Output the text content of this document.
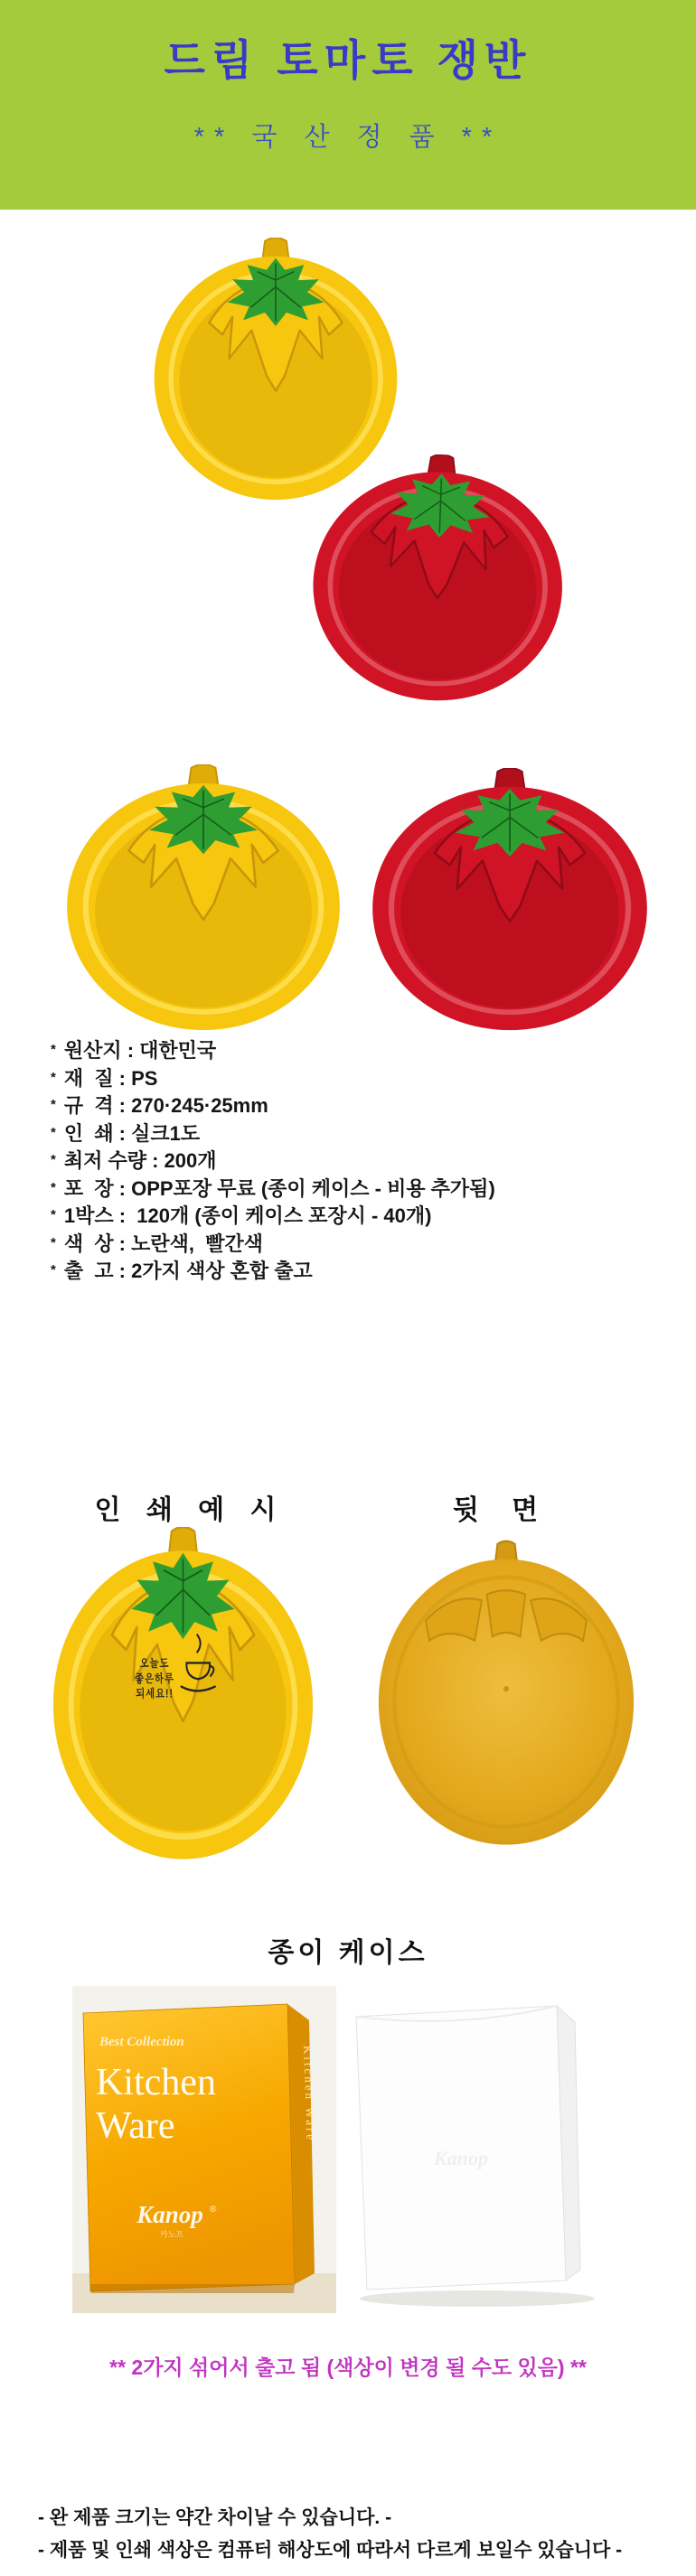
드림 토마토 쟁반
** 국 산 정 품 **
* 원산지 : 대한민국
* 재  질 : PS
* 규  격 : 270·245·25mm
* 인  쇄 : 실크1도
* 최저 수량 : 200개
* 포  장 : OPP포장 무료 (종이 케이스 - 비용 추가됨)
* 1박스 :  120개 (종이 케이스 포장시 - 40개)
* 색  상 : 노란색,  빨간색
* 출  고 : 2가지 색상 혼합 출고
인 쇄 예 시	뒷 면
오늘도
좋은하루
되세요!!
종이 케이스
Best Collection
Kitchen
Ware
Kanop ®
카노프
Kitchen Ware
Kanop
** 2가지 섞어서 출고 됨 (색상이 변경 될 수도 있음) **
- 완 제품 크기는 약간 차이날 수 있습니다. -
- 제품 및 인쇄 색상은 컴퓨터 해상도에 따라서 다르게 보일수 있습니다 -
